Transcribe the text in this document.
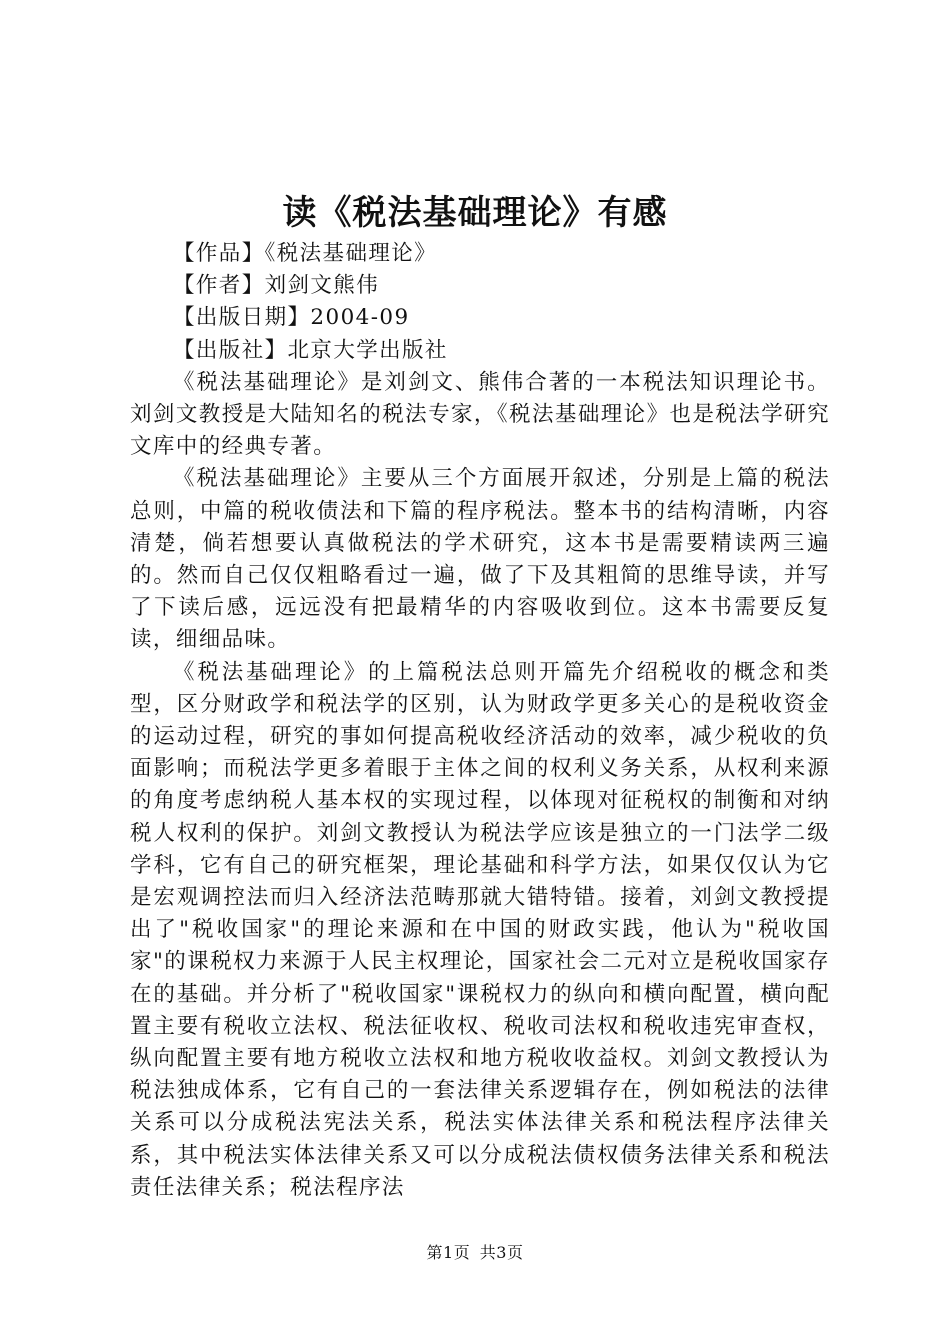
读《税法基础理论》有感

【作品】《税法基础理论》

【作者】刘剑文熊伟

【出版日期】2004-09

【出版社】北京大学出版社

《税法基础理论》是刘剑文、熊伟合著的一本税法知识理论书。刘剑文教授是大陆知名的税法专家，《税法基础理论》也是税法学研究文库中的经典专著。

《税法基础理论》主要从三个方面展开叙述，分别是上篇的税法总则，中篇的税收债法和下篇的程序税法。整本书的结构清晰，内容清楚，倘若想要认真做税法的学术研究，这本书是需要精读两三遍的。然而自己仅仅粗略看过一遍，做了下及其粗简的思维导读，并写了下读后感，远远没有把最精华的内容吸收到位。这本书需要反复读，细细品味。

《税法基础理论》的上篇税法总则开篇先介绍税收的概念和类型，区分财政学和税法学的区别，认为财政学更多关心的是税收资金的运动过程，研究的事如何提高税收经济活动的效率，减少税收的负面影响；而税法学更多着眼于主体之间的权利义务关系，从权利来源的角度考虑纳税人基本权的实现过程，以体现对征税权的制衡和对纳税人权利的保护。刘剑文教授认为税法学应该是独立的一门法学二级学科，它有自己的研究框架，理论基础和科学方法，如果仅仅认为它是宏观调控法而归入经济法范畴那就大错特错。接着，刘剑文教授提出了"税收国家"的理论来源和在中国的财政实践，他认为"税收国家"的课税权力来源于人民主权理论，国家社会二元对立是税收国家存在的基础。并分析了"税收国家"课税权力的纵向和横向配置，横向配置主要有税收立法权、税法征收权、税收司法权和税收违宪审查权，纵向配置主要有地方税收立法权和地方税收收益权。刘剑文教授认为税法独成体系，它有自己的一套法律关系逻辑存在，例如税法的法律关系可以分成税法宪法关系，税法实体法律关系和税法程序法律关系，其中税法实体法律关系又可以分成税法债权债务法律关系和税法责任法律关系；税法程序法

第1页 共3页
